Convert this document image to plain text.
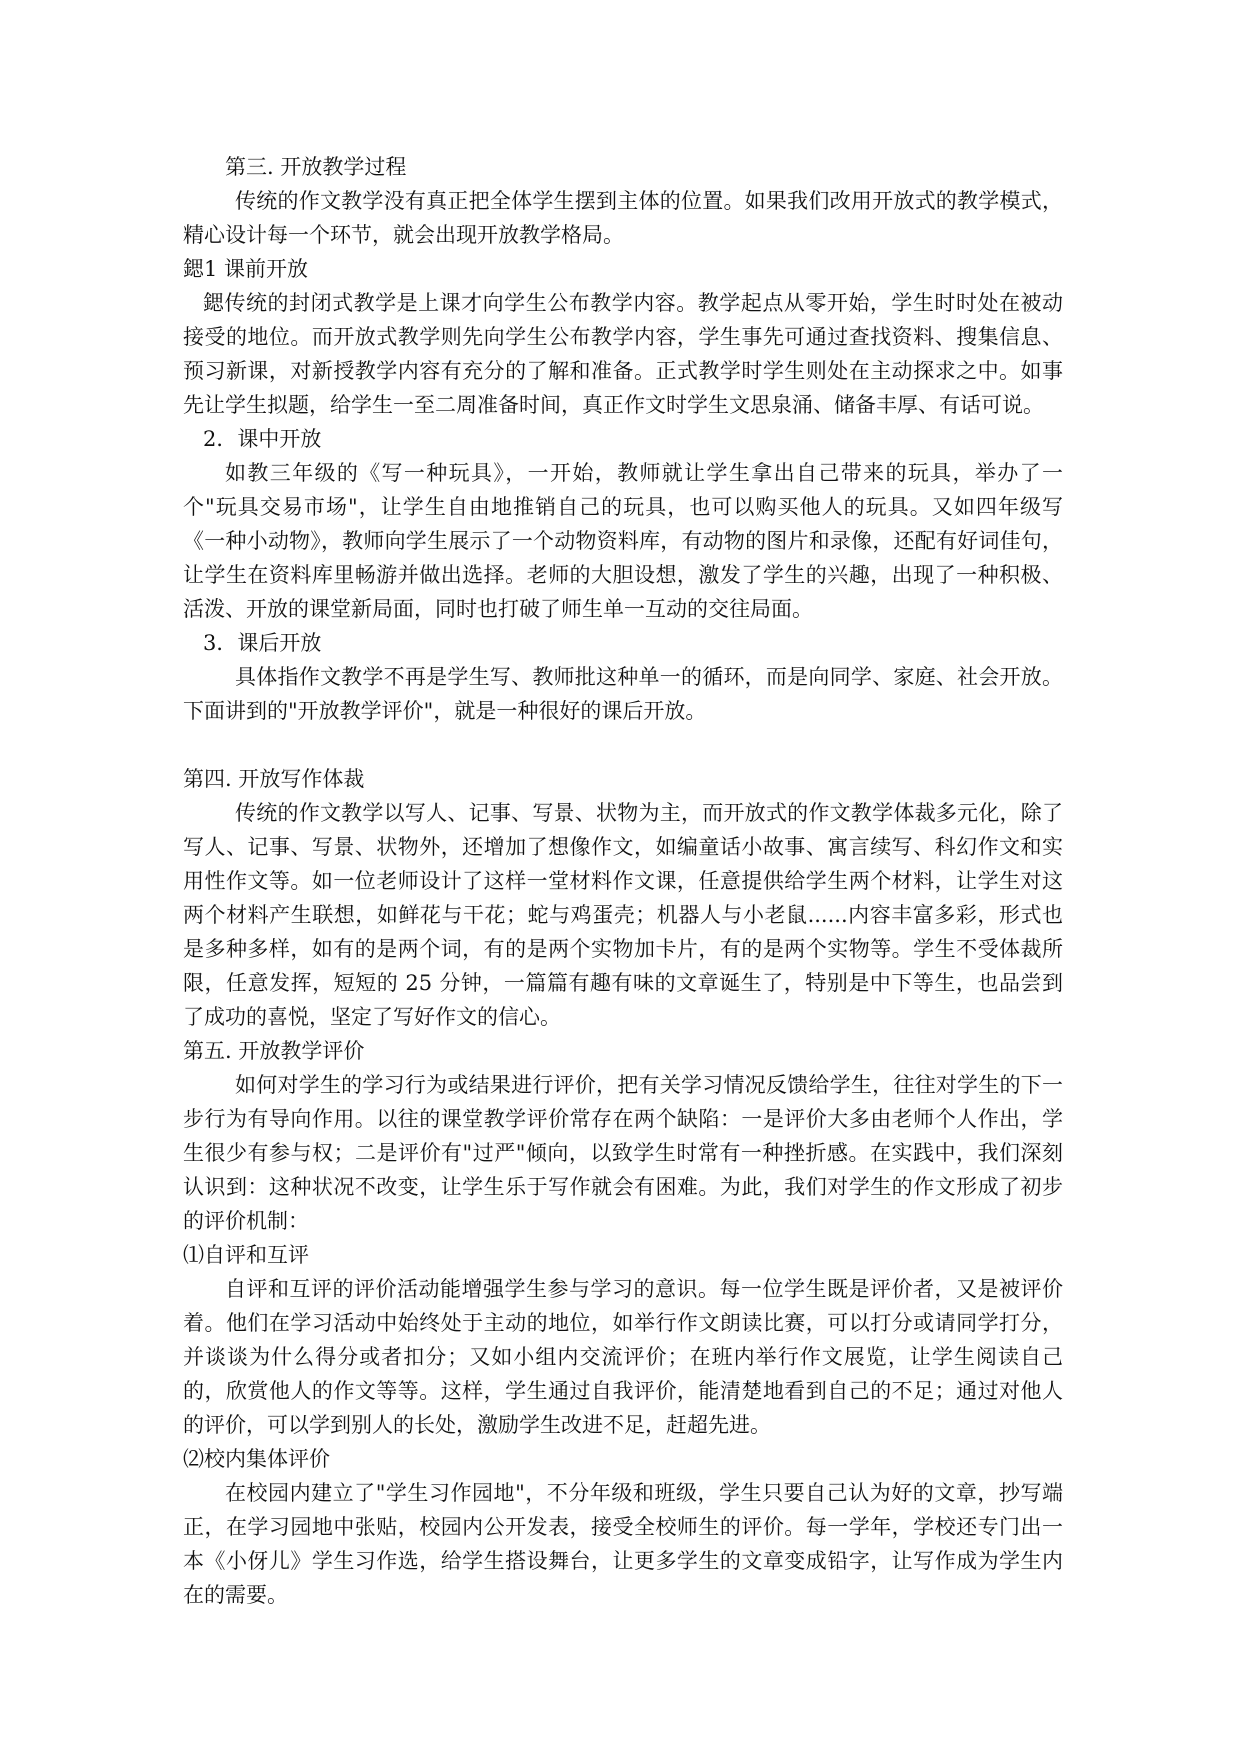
第三. 开放教学过程

传统的作文教学没有真正把全体学生摆到主体的位置。如果我们改用开放式的教学模式，精心设计每一个环节，就会出现开放教学格局。

鍶1 课前开放

鍶传统的封闭式教学是上课才向学生公布教学内容。教学起点从零开始，学生时时处在被动接受的地位。而开放式教学则先向学生公布教学内容，学生事先可通过查找资料、搜集信息、预习新课，对新授教学内容有充分的了解和准备。正式教学时学生则处在主动探求之中。如事先让学生拟题，给学生一至二周准备时间，真正作文时学生文思泉涌、储备丰厚、有话可说。

2．课中开放

如教三年级的《写一种玩具》，一开始，教师就让学生拿出自己带来的玩具，举办了一个"玩具交易市场"，让学生自由地推销自己的玩具，也可以购买他人的玩具。又如四年级写《一种小动物》，教师向学生展示了一个动物资料库，有动物的图片和录像，还配有好词佳句，让学生在资料库里畅游并做出选择。老师的大胆设想，激发了学生的兴趣，出现了一种积极、活泼、开放的课堂新局面，同时也打破了师生单一互动的交往局面。

3．课后开放

具体指作文教学不再是学生写、教师批这种单一的循环，而是向同学、家庭、社会开放。下面讲到的"开放教学评价"，就是一种很好的课后开放。

第四. 开放写作体裁

传统的作文教学以写人、记事、写景、状物为主，而开放式的作文教学体裁多元化，除了写人、记事、写景、状物外，还增加了想像作文，如编童话小故事、寓言续写、科幻作文和实用性作文等。如一位老师设计了这样一堂材料作文课，任意提供给学生两个材料，让学生对这两个材料产生联想，如鲜花与干花；蛇与鸡蛋壳；机器人与小老鼠......内容丰富多彩，形式也是多种多样，如有的是两个词，有的是两个实物加卡片，有的是两个实物等。学生不受体裁所限，任意发挥，短短的 25 分钟，一篇篇有趣有味的文章诞生了，特别是中下等生，也品尝到了成功的喜悦，坚定了写好作文的信心。

第五. 开放教学评价

如何对学生的学习行为或结果进行评价，把有关学习情况反馈给学生，往往对学生的下一步行为有导向作用。以往的课堂教学评价常存在两个缺陷：一是评价大多由老师个人作出，学生很少有参与权；二是评价有"过严"倾向，以致学生时常有一种挫折感。在实践中，我们深刻认识到：这种状况不改变，让学生乐于写作就会有困难。为此，我们对学生的作文形成了初步的评价机制：

⑴自评和互评

自评和互评的评价活动能增强学生参与学习的意识。每一位学生既是评价者，又是被评价着。他们在学习活动中始终处于主动的地位，如举行作文朗读比赛，可以打分或请同学打分，并谈谈为什么得分或者扣分；又如小组内交流评价；在班内举行作文展览，让学生阅读自己的，欣赏他人的作文等等。这样，学生通过自我评价，能清楚地看到自己的不足；通过对他人的评价，可以学到别人的长处，激励学生改进不足，赶超先进。

⑵校内集体评价

在校园内建立了"学生习作园地"，不分年级和班级，学生只要自己认为好的文章，抄写端正，在学习园地中张贴，校园内公开发表，接受全校师生的评价。每一学年，学校还专门出一本《小伢儿》学生习作选，给学生搭设舞台，让更多学生的文章变成铅字，让写作成为学生内在的需要。
